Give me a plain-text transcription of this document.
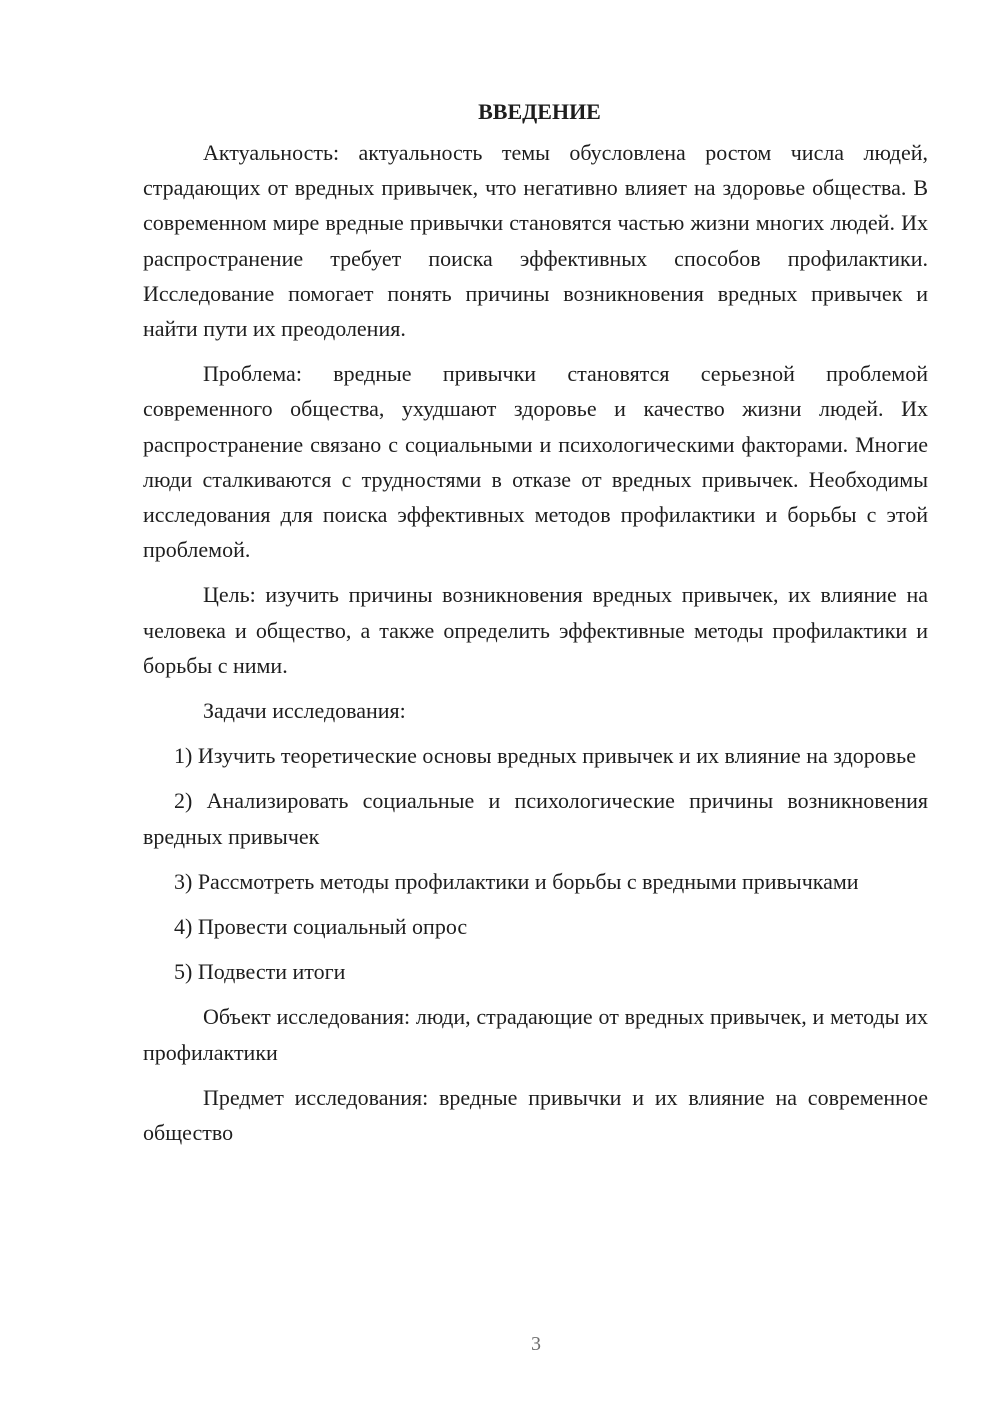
ВВЕДЕНИЕ

Актуальность: актуальность темы обусловлена ростом числа людей, страдающих от вредных привычек, что негативно влияет на здоровье общества. В современном мире вредные привычки становятся частью жизни многих людей. Их распространение требует поиска эффективных способов профилактики. Исследование помогает понять причины возникновения вредных привычек и найти пути их преодоления.

Проблема: вредные привычки становятся серьезной проблемой современного общества, ухудшают здоровье и качество жизни людей. Их распространение связано с социальными и психологическими факторами. Многие люди сталкиваются с трудностями в отказе от вредных привычек. Необходимы исследования для поиска эффективных методов профилактики и борьбы с этой проблемой.

Цель: изучить причины возникновения вредных привычек, их влияние на человека и общество, а также определить эффективные методы профилактики и борьбы с ними.

Задачи исследования:

1) Изучить теоретические основы вредных привычек и их влияние на здоровье

2) Анализировать социальные и психологические причины возникновения вредных привычек

3) Рассмотреть методы профилактики и борьбы с вредными привычками

4) Провести социальный опрос

5) Подвести итоги

Объект исследования: люди, страдающие от вредных привычек, и методы их профилактики

Предмет исследования: вредные привычки и их влияние на современное общество

3
